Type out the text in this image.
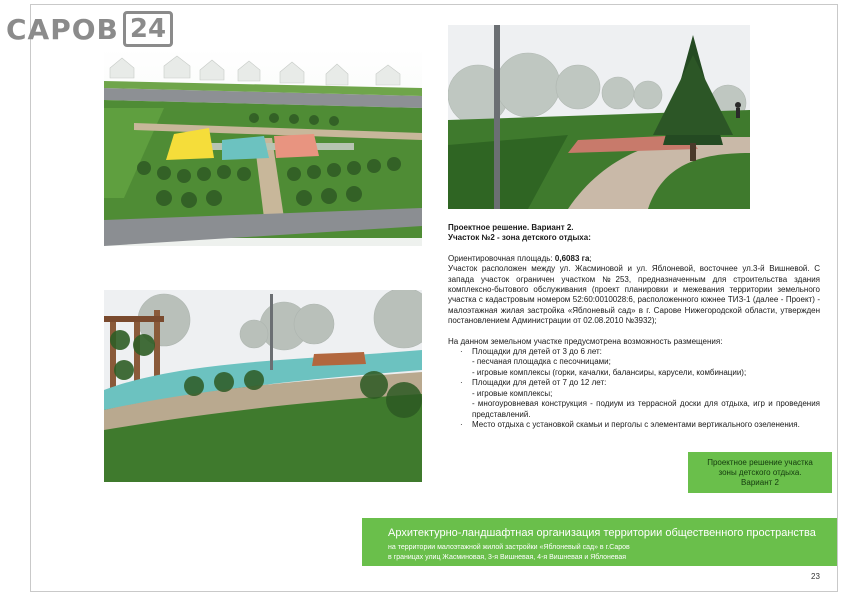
САРОВ 24

Проектное решение. Вариант 2.

Участок №2 - зона детского отдыха:

Ориентировочная площадь: 0,6083 га;

Участок расположен между ул. Жасминовой и ул. Яблоневой, восточнее ул.3-й Вишневой. С запада участок ограничен участком №253, предназначенным для строительства здания комплексно-бытового обслуживания (проект планировки и межевания территории земельного участка с кадастровым номером 52:60:0010028:6, расположенного южнее ТИЗ-1 (далее - Проект) - малоэтажная жилая застройка «Яблоневый сад» в г. Сарове Нижегородской области, утвержден постановлением Администрации от 02.08.2010 №3932);

На данном земельном участке предусмотрена возможность размещения:

· Площадки для детей от 3 до 6 лет:
- песчаная площадка с песочницами;
- игровые комплексы (горки, качалки, балансиры, карусели, комбинации);
· Площадки для детей от 7 до 12 лет:
- игровые комплексы;
- многоуровневая конструкция - подиум из террасной доски для отдыха, игр и проведения представлений.
· Место отдыха с установкой скамьи и перголы с элементами вертикального озеленения.
Проектное решение участка зоны детского отдыха. Вариант 2
Архитектурно-ландшафтная организация территории общественного пространства
на территории малоэтажной жилой застройки «Яблоневый сад» в г.Саров
в границах улиц Жасминовая, 3-я Вишневая, 4-я Вишневая и Яблоневая
23
